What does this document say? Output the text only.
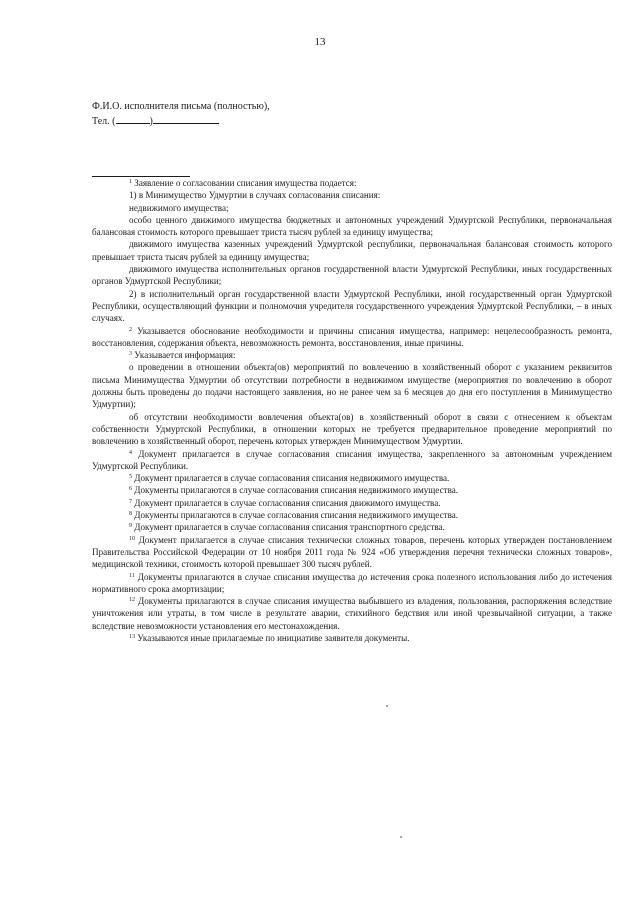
13
Ф.И.О. исполнителя письма (полностью),
Тел. (	)

$^1$ Заявление о согласовании списания имущества подается:

1) в Минимущество Удмуртии в случаях согласования списания:

недвижимого имущества;

особо ценного движимого имущества бюджетных и автономных учреждений Удмуртской Республики, первоначальная балансовая стоимость которого превышает триста тысяч рублей за единицу имущества;

движимого имущества казенных учреждений Удмуртской республики, первоначальная балансовая стоимость которого превышает триста тысяч рублей за единицу имущества;

движимого имущества исполнительных органов государственной власти Удмуртской Республики, иных государственных органов Удмуртской Республики;

2) в исполнительный орган государственной власти Удмуртской Республики, иной государственный орган Удмуртской Республики, осуществляющий функции и полномочия учредителя государственного учреждения Удмуртской Республики, – в иных случаях.

$^2$ Указывается обоснование необходимости и причины списания имущества, например: нецелесообразность ремонта, восстановления, содержания объекта, невозможность ремонта, восстановления, иные причины.

$^3$ Указывается информация:

о проведении в отношении объекта(ов) мероприятий по вовлечению в хозяйственный оборот с указанием реквизитов письма Минимущества Удмуртии об отсутствии потребности в недвижимом имуществе (мероприятия по вовлечению в оборот должны быть проведены до подачи настоящего заявления, но не ранее чем за 6 месяцев до дня его поступления в Минимущество Удмуртии);

об отсутствии необходимости вовлечения объекта(ов) в хозяйственный оборот в связи с отнесением к объектам собственности Удмуртской Республики, в отношении которых не требуется предварительное проведение мероприятий по вовлечению в хозяйственный оборот, перечень которых утвержден Минимуществом Удмуртии.

$^4$ Документ прилагается в случае согласования списания имущества, закрепленного за автономным учреждением Удмуртской Республики.

$^5$ Документ прилагается в случае согласования списания недвижимого имущества.

$^6$ Документы прилагаются в случае согласования списания недвижимого имущества.

$^7$ Документ прилагается в случае согласования списания движимого имущества.

$^8$ Документы прилагаются в случае согласования списания недвижимого имущества.

$^9$ Документ прилагается в случае согласования списания транспортного средства.

$^{10}$ Документ прилагается в случае списания технически сложных товаров, перечень которых утвержден постановлением Правительства Российской Федерации от 10 ноября 2011 года № 924 «Об утверждения перечня технически сложных товаров», медицинской техники, стоимость которой превышает 300 тысяч рублей.

$^{11}$ Документы прилагаются в случае списания имущества до истечения срока полезного использования либо до истечения нормативного срока амортизации;

$^{12}$ Документы прилагаются в случае списания имущества выбывшего из владения, пользования, распоряжения вследствие уничтожения или утраты, в том числе в результате аварии, стихийного бедствия или иной чрезвычайной ситуации, а также вследствие невозможности установления его местонахождения.

$^{13}$ Указываются иные прилагаемые по инициативе заявителя документы.
